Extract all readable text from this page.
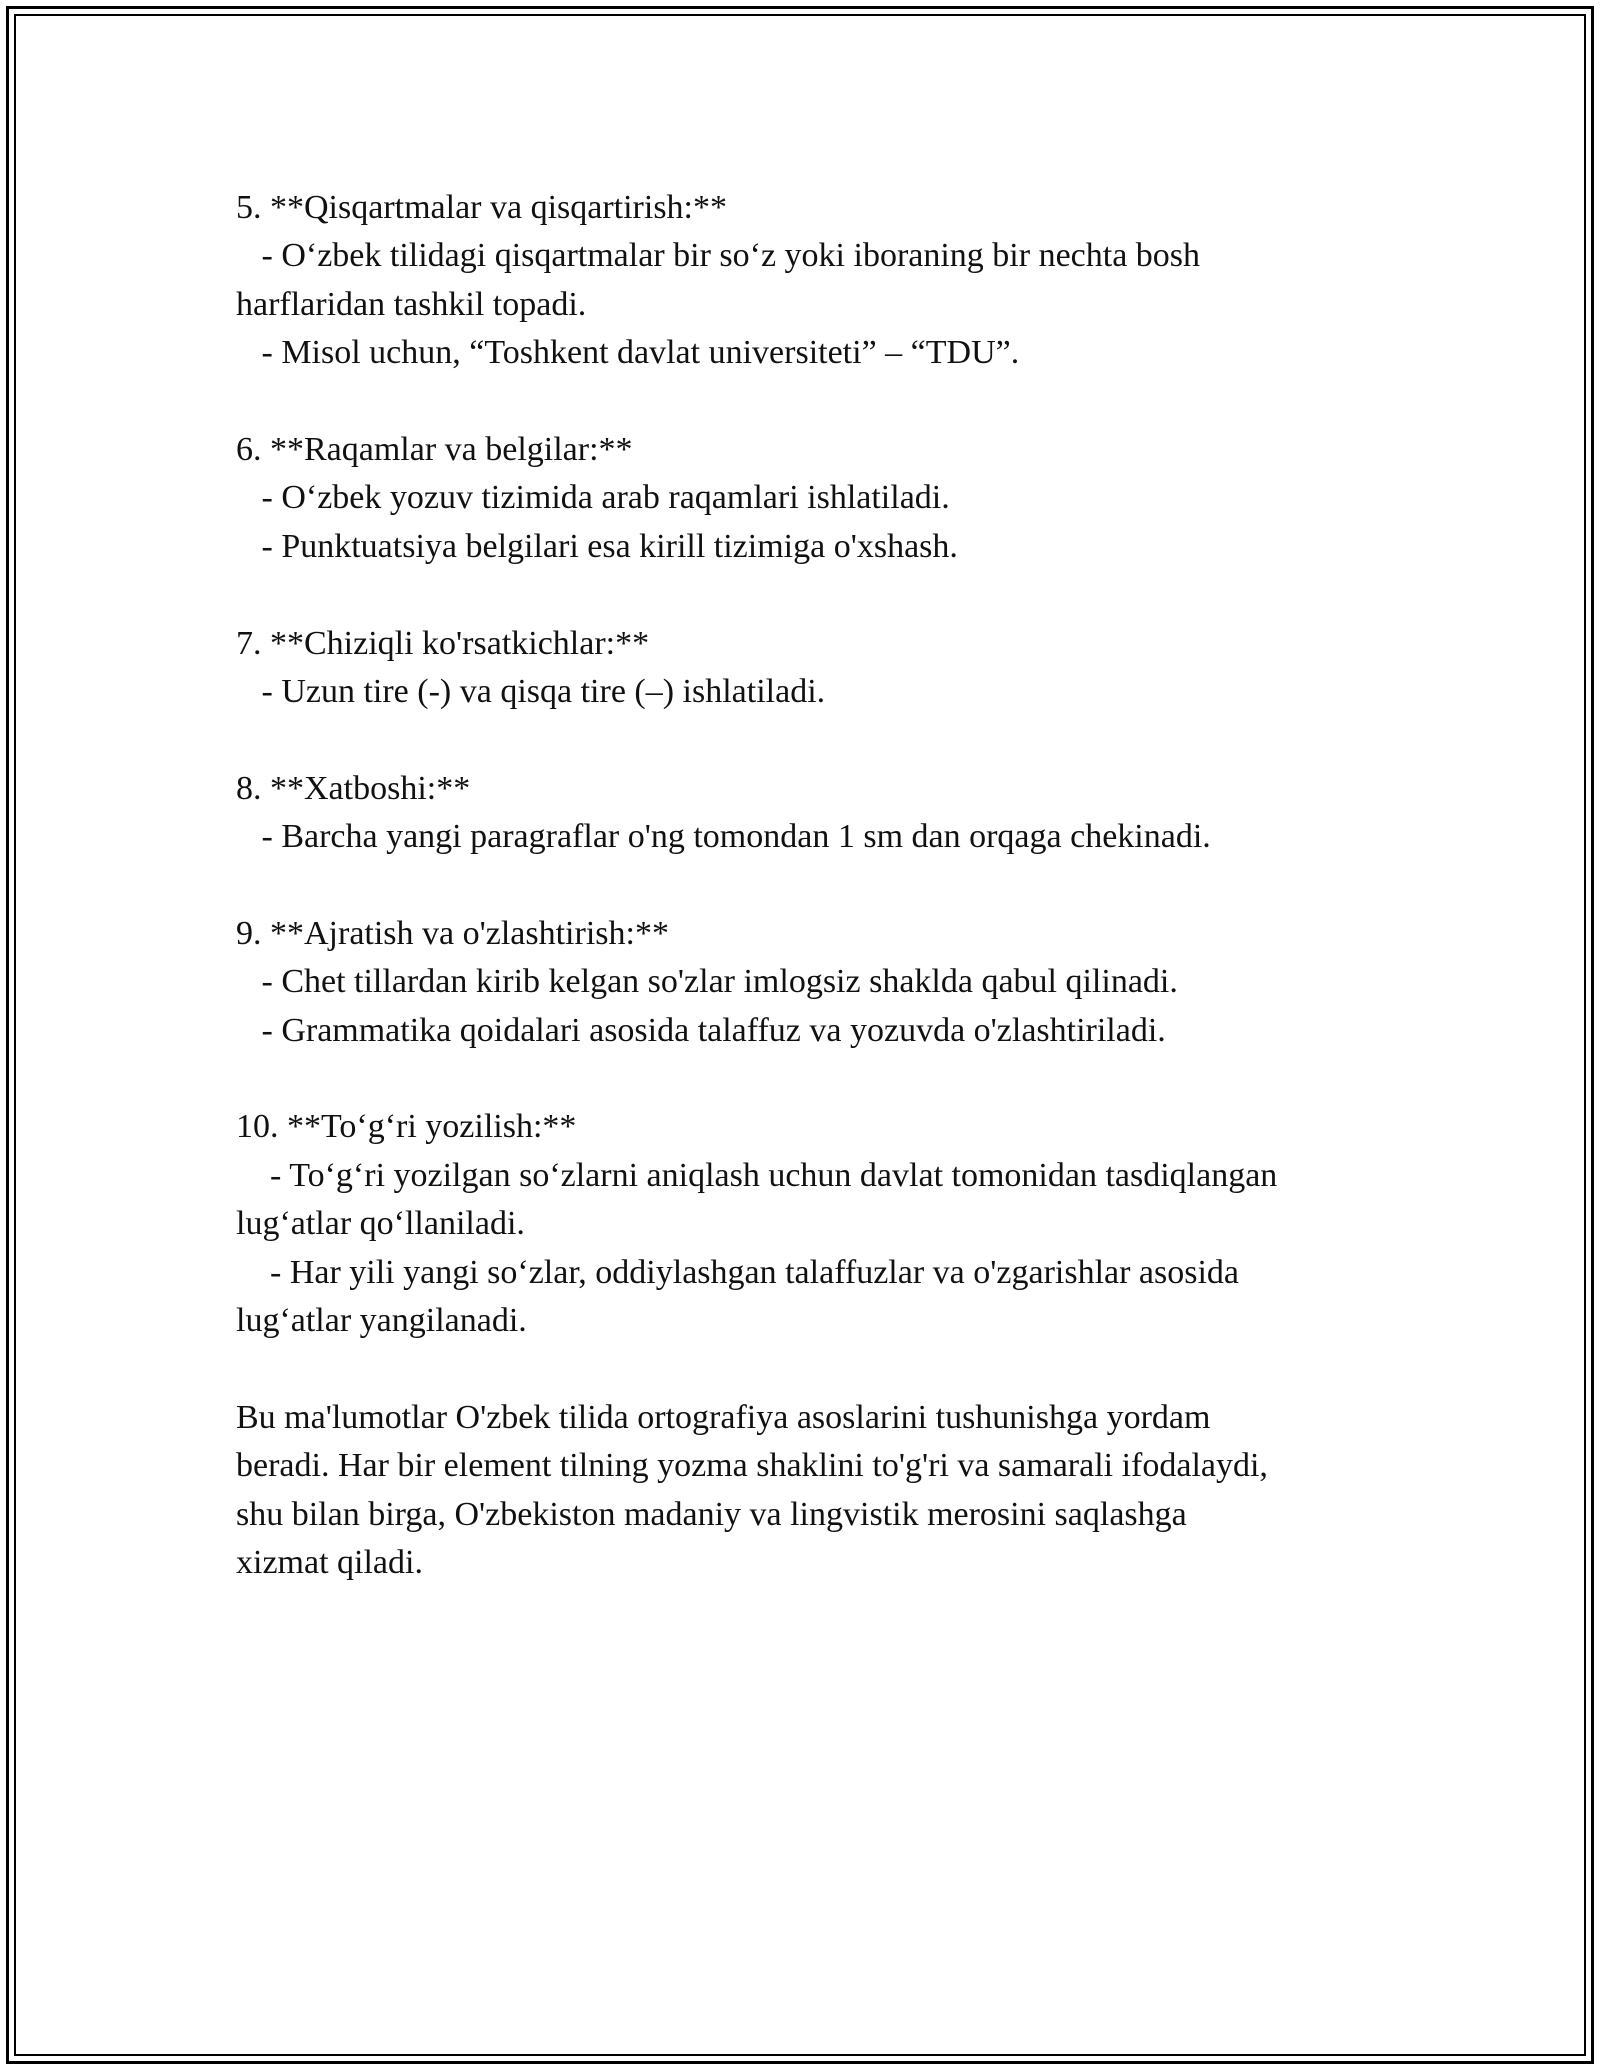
5. **Qisqartmalar va qisqartirish:**

- O‘zbek tilidagi qisqartmalar bir so‘z yoki iboraning bir nechta bosh

harflaridan tashkil topadi.

- Misol uchun, “Toshkent davlat universiteti” – “TDU”.

6. **Raqamlar va belgilar:**

- O‘zbek yozuv tizimida arab raqamlari ishlatiladi.

- Punktuatsiya belgilari esa kirill tizimiga o'xshash.

7. **Chiziqli ko'rsatkichlar:**

- Uzun tire (-) va qisqa tire (–) ishlatiladi.

8. **Xatboshi:**

- Barcha yangi paragraflar o'ng tomondan 1 sm dan orqaga chekinadi.

9. **Ajratish va o'zlashtirish:**

- Chet tillardan kirib kelgan so'zlar imlogsiz shaklda qabul qilinadi.

- Grammatika qoidalari asosida talaffuz va yozuvda o'zlashtiriladi.

10. **To‘g‘ri yozilish:**

- To‘g‘ri yozilgan so‘zlarni aniqlash uchun davlat tomonidan tasdiqlangan

lug‘atlar qo‘llaniladi.

- Har yili yangi so‘zlar, oddiylashgan talaffuzlar va o'zgarishlar asosida

lug‘atlar yangilanadi.

Bu ma'lumotlar O'zbek tilida ortografiya asoslarini tushunishga yordam

beradi. Har bir element tilning yozma shaklini to'g'ri va samarali ifodalaydi,

shu bilan birga, O'zbekiston madaniy va lingvistik merosini saqlashga

xizmat qiladi.
